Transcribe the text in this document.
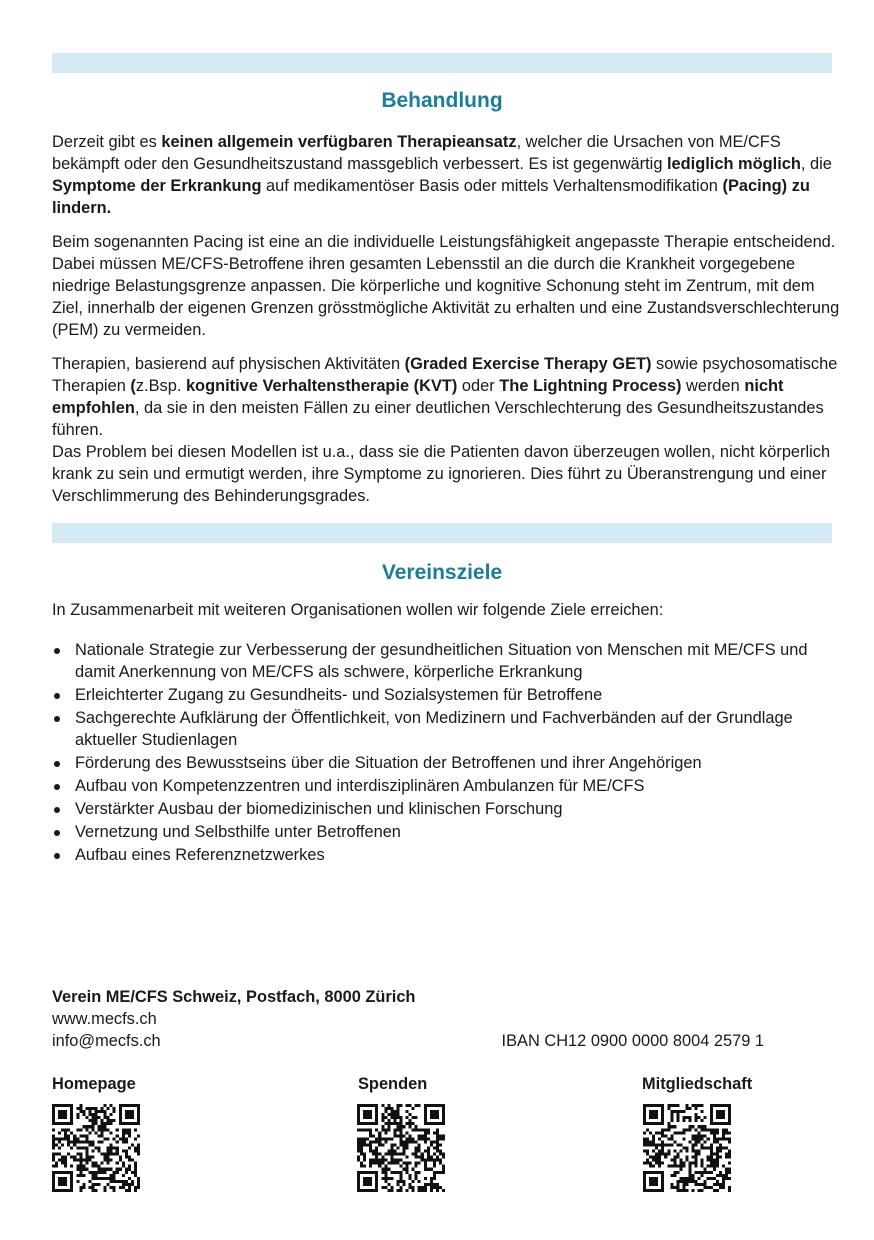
Behandlung

Derzeit gibt es keinen allgemein verfügbaren Therapieansatz, welcher die Ursachen von ME/CFS bekämpft oder den Gesundheitszustand massgeblich verbessert. Es ist gegenwärtig lediglich möglich, die Symptome der Erkrankung auf medikamentöser Basis oder mittels Verhaltensmodifikation (Pacing) zu lindern.

Beim sogenannten Pacing ist eine an die individuelle Leistungsfähigkeit angepasste Therapie entscheidend. Dabei müssen ME/CFS-Betroffene ihren gesamten Lebensstil an die durch die Krankheit vorgegebene niedrige Belastungsgrenze anpassen. Die körperliche und kognitive Schonung steht im Zentrum, mit dem Ziel, innerhalb der eigenen Grenzen grösstmögliche Aktivität zu erhalten und eine Zustandsverschlechterung (PEM) zu vermeiden.

Therapien, basierend auf physischen Aktivitäten (Graded Exercise Therapy GET) sowie psychosomatische Therapien (z.Bsp. kognitive Verhaltenstherapie (KVT) oder The Lightning Process) werden nicht empfohlen, da sie in den meisten Fällen zu einer deutlichen Verschlechterung des Gesundheitszustandes führen.

Das Problem bei diesen Modellen ist u.a., dass sie die Patienten davon überzeugen wollen, nicht körperlich krank zu sein und ermutigt werden, ihre Symptome zu ignorieren. Dies führt zu Überanstrengung und einer Verschlimmerung des Behinderungsgrades.

Vereinsziele
In Zusammenarbeit mit weiteren Organisationen wollen wir folgende Ziele erreichen:
Nationale Strategie zur Verbesserung der gesundheitlichen Situation von Menschen mit ME/CFS und damit Anerkennung von ME/CFS als schwere, körperliche Erkrankung
Erleichterter Zugang zu Gesundheits- und Sozialsystemen für Betroffene
Sachgerechte Aufklärung der Öffentlichkeit, von Medizinern und Fachverbänden auf der Grundlage aktueller Studienlagen
Förderung des Bewusstseins über die Situation der Betroffenen und ihrer Angehörigen
Aufbau von Kompetenzzentren und interdisziplinären Ambulanzen für ME/CFS
Verstärkter Ausbau der biomedizinischen und klinischen Forschung
Vernetzung und Selbsthilfe unter Betroffenen
Aufbau eines Referenznetzwerkes
Verein ME/CFS Schweiz, Postfach, 8000 Zürich
www.mecfs.ch
info@mecfs.ch	IBAN CH12 0900 0000 8004 2579 1
Homepage	Spenden	Mitgliedschaft
